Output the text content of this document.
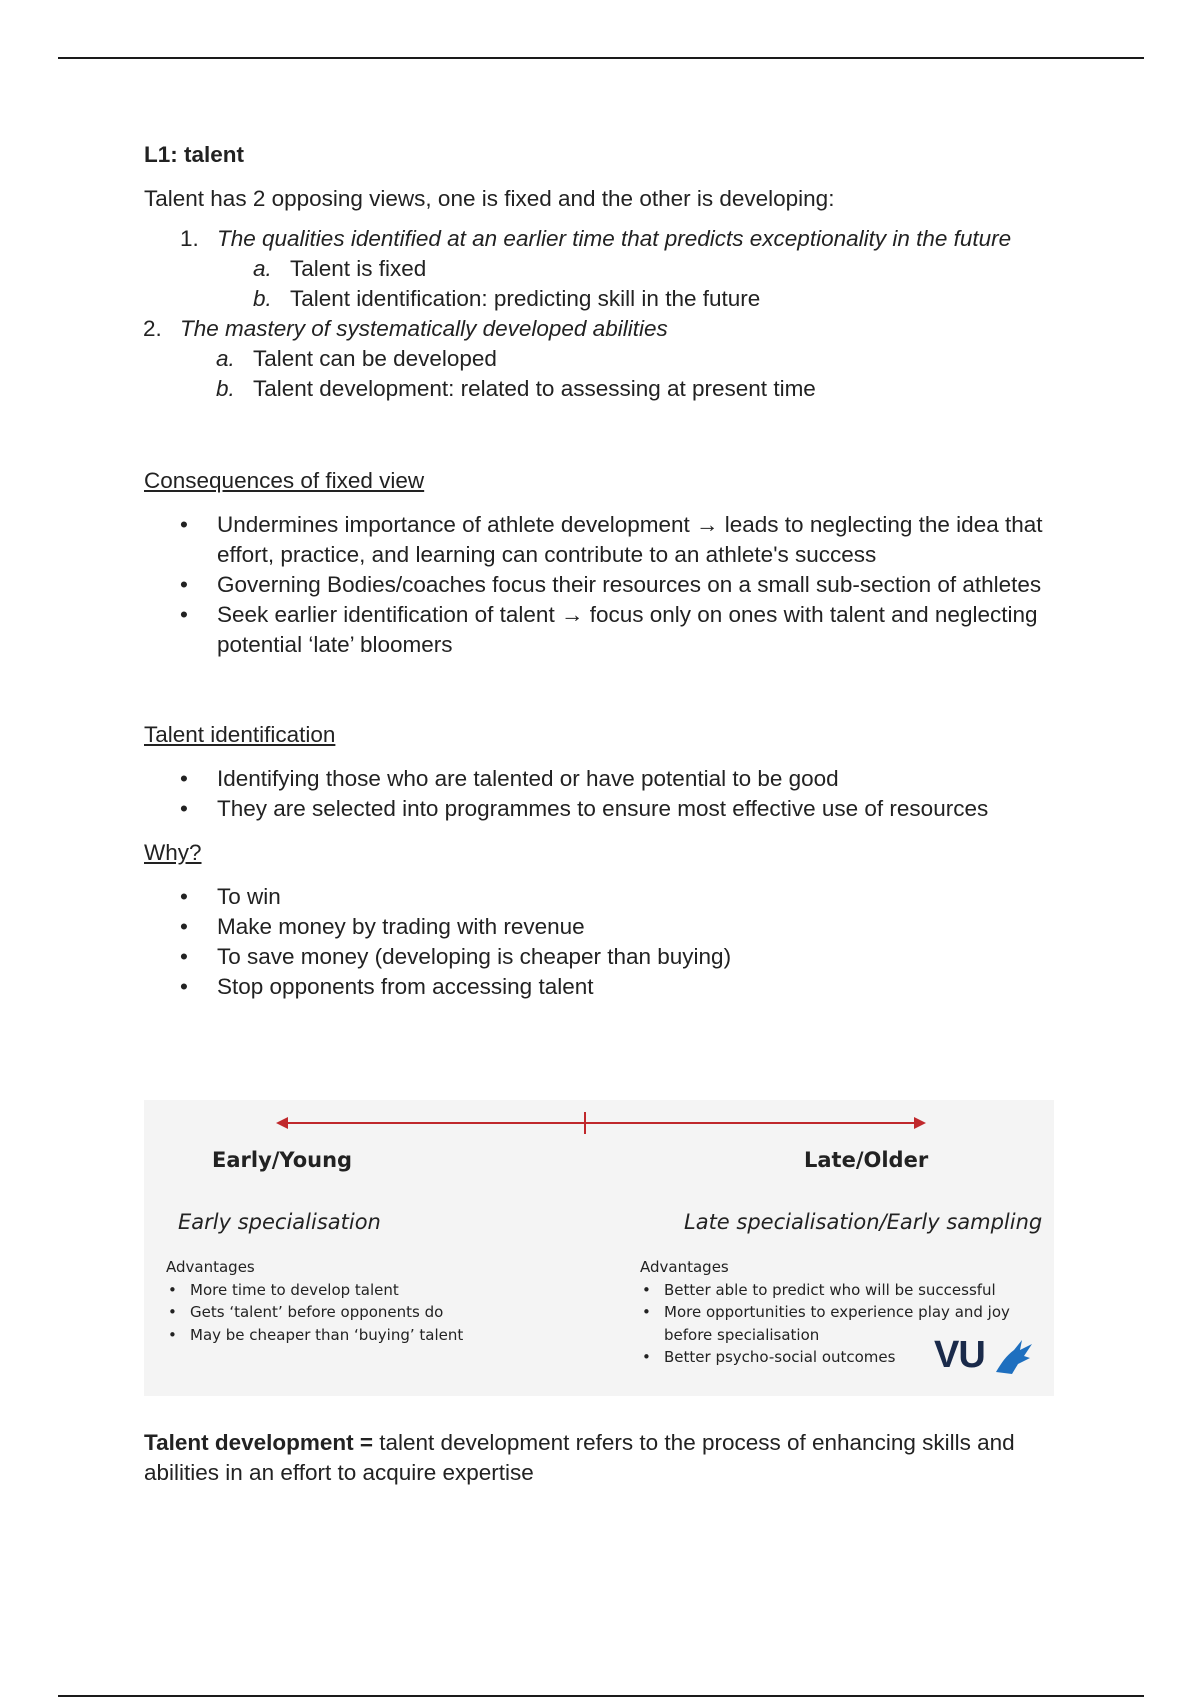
L1: talent

Talent has 2 opposing views, one is fixed and the other is developing:

1. The qualities identified at an earlier time that predicts exceptionality in the future
a. Talent is fixed
b. Talent identification: predicting skill in the future
2. The mastery of systematically developed abilities
a. Talent can be developed
b. Talent development: related to assessing at present time

Consequences of fixed view

• Undermines importance of athlete development → leads to neglecting the idea that effort, practice, and learning can contribute to an athlete's success
• Governing Bodies/coaches focus their resources on a small sub-section of athletes
• Seek earlier identification of talent → focus only on ones with talent and neglecting potential ‘late’ bloomers

Talent identification

• Identifying those who are talented or have potential to be good
• They are selected into programmes to ensure most effective use of resources

Why?

• To win
• Make money by trading with revenue
• To save money (developing is cheaper than buying)
• Stop opponents from accessing talent
Early/Young	Late/Older
Early specialisation	Late specialisation/Early sampling
Advantages
• More time to develop talent
• Gets ‘talent’ before opponents do
• May be cheaper than ‘buying’ talent
Advantages
• Better able to predict who will be successful
• More opportunities to experience play and joy before specialisation
• Better psycho-social outcomes	VU
Talent development = talent development refers to the process of enhancing skills and abilities in an effort to acquire expertise
